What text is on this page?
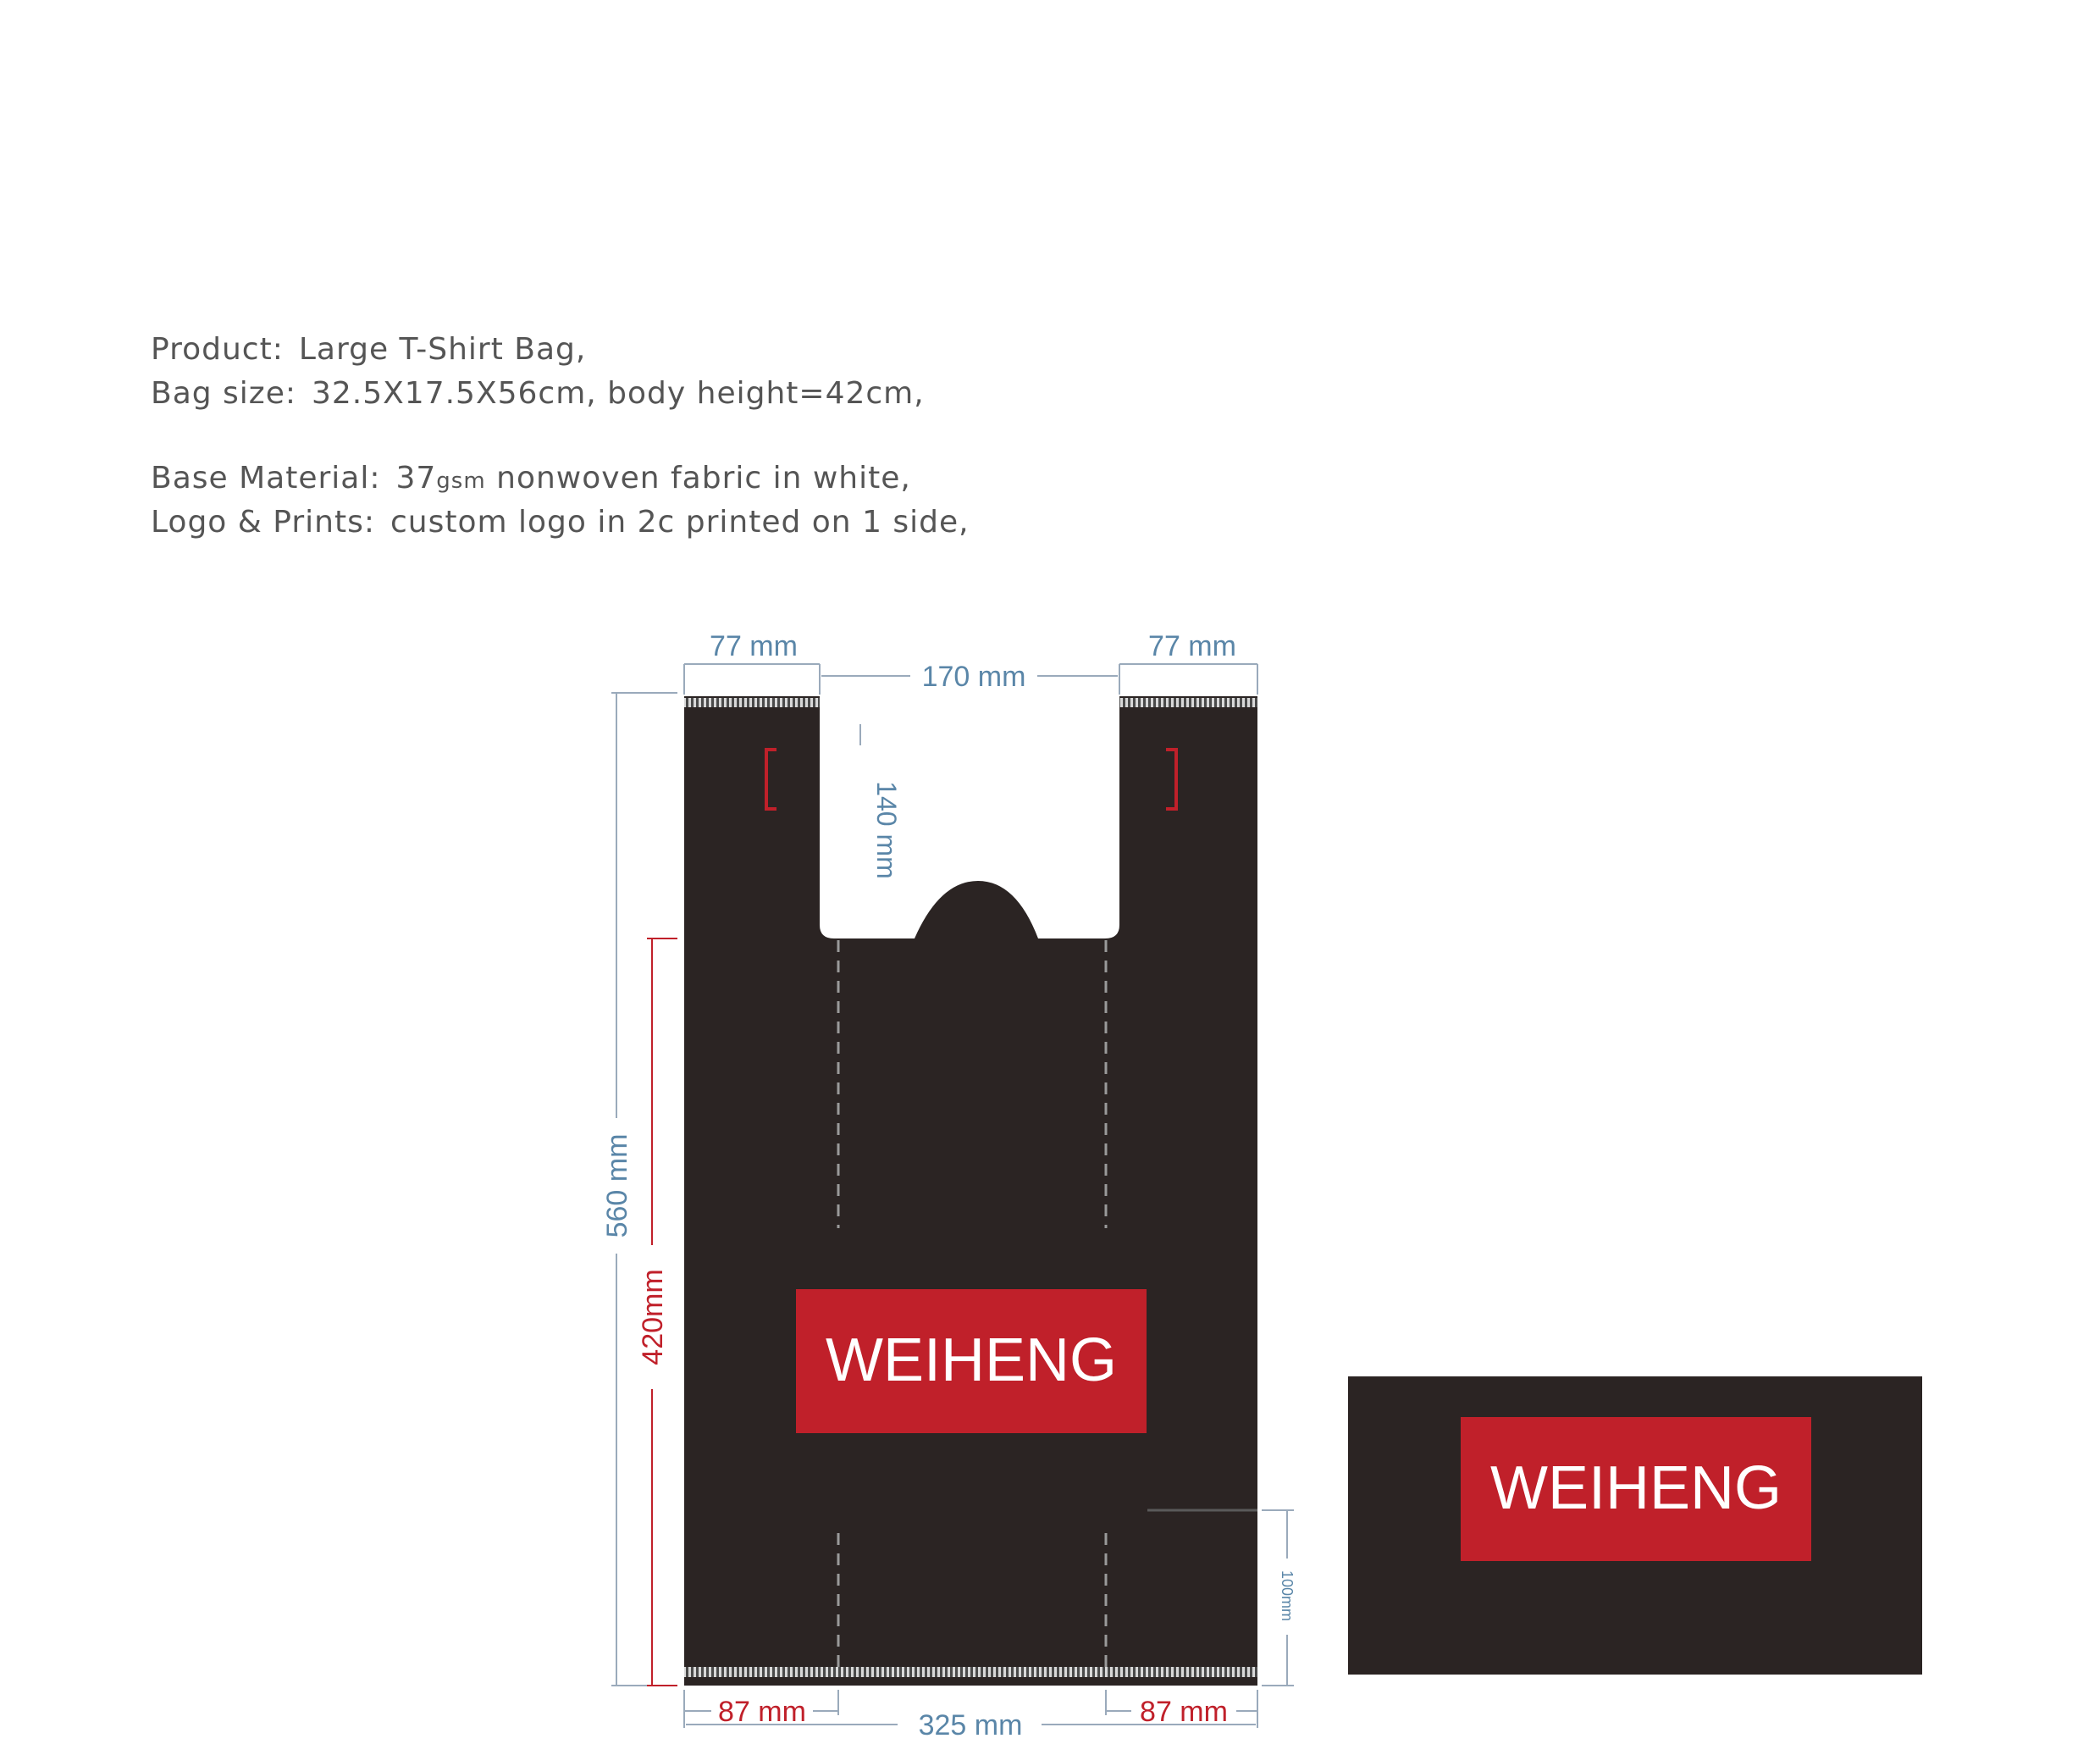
Product: Large T-Shirt Bag,
Bag size: 32.5X17.5X56cm, body height=42cm,
Base Material: 37gsm nonwoven fabric in white,
Logo & Prints: custom logo in 2c printed on 1 side,
77 mm	77 mm
170 mm
140 mm
560 mm
420mm
87 mm	87 mm
325 mm
100mm
WEIHENG
WEIHENG
